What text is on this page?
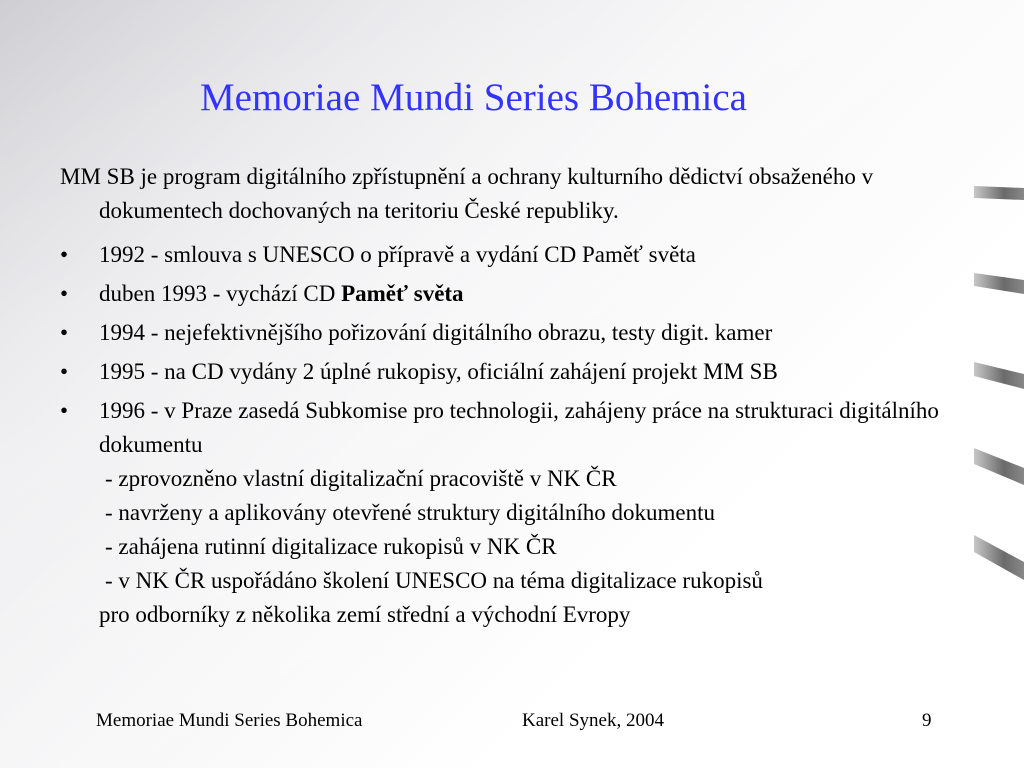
Memoriae Mundi Series Bohemica

MM SB je program digitálního zpřístupnění a ochrany kulturního dědictví obsaženého v dokumentech dochovaných na teritoriu České republiky.

• 1992 - smlouva s UNESCO o přípravě a vydání CD Paměť světa
• duben 1993 - vychází CD Paměť světa
• 1994 - nejefektivnějšího pořizování digitálního obrazu, testy digit. kamer
• 1995 - na CD vydány 2 úplné rukopisy, oficiální zahájení projekt MM SB
• 1996 - v Praze zasedá Subkomise pro technologii, zahájeny práce na strukturaci digitálního dokumentu
- zprovozněno vlastní digitalizační pracoviště v NK ČR
- navrženy a aplikovány otevřené struktury digitálního dokumentu
- zahájena rutinní digitalizace rukopisů v NK ČR
- v NK ČR uspořádáno školení UNESCO na téma digitalizace rukopisů
pro odborníky z několika zemí střední a východní Evropy
Memoriae Mundi Series Bohemica	Karel Synek, 2004	9
